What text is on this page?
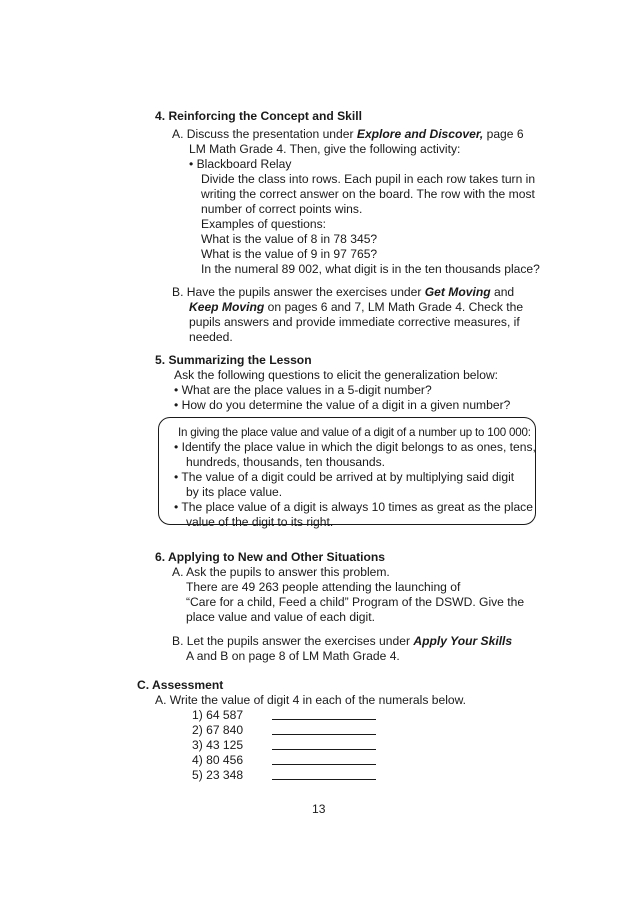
4. Reinforcing the Concept and Skill
A. Discuss the presentation under Explore and Discover, page 6
LM Math Grade 4. Then, give the following activity:
• Blackboard Relay
Divide the class into rows. Each pupil in each row takes turn in
writing the correct answer on the board. The row with the most
number of correct points wins.
Examples of questions:
What is the value of 8 in 78 345?
What is the value of 9 in 97 765?
In the numeral 89 002, what digit is in the ten thousands place?
B. Have the pupils answer the exercises under Get Moving and
Keep Moving on pages 6 and 7, LM Math Grade 4. Check the
pupils answers and provide immediate corrective measures, if
needed.
5. Summarizing the Lesson
Ask the following questions to elicit the generalization below:
• What are the place values in a 5-digit number?
• How do you determine the value of a digit in a given number?
In giving the place value and value of a digit of a number up to 100 000:
• Identify the place value in which the digit belongs to as ones, tens,
hundreds, thousands, ten thousands.
• The value of a digit could be arrived at by multiplying said digit
by its place value.
• The place value of a digit is always 10 times as great as the place
value of the digit to its right.
6. Applying to New and Other Situations
A. Ask the pupils to answer this problem.
There are 49 263 people attending the launching of
“Care for a child, Feed a child” Program of the DSWD. Give the
place value and value of each digit.
B. Let the pupils answer the exercises under Apply Your Skills
A and B on page 8 of LM Math Grade 4.
C. Assessment
A. Write the value of digit 4 in each of the numerals below.
1) 64 587
2) 67 840
3) 43 125
4) 80 456
5) 23 348
13
